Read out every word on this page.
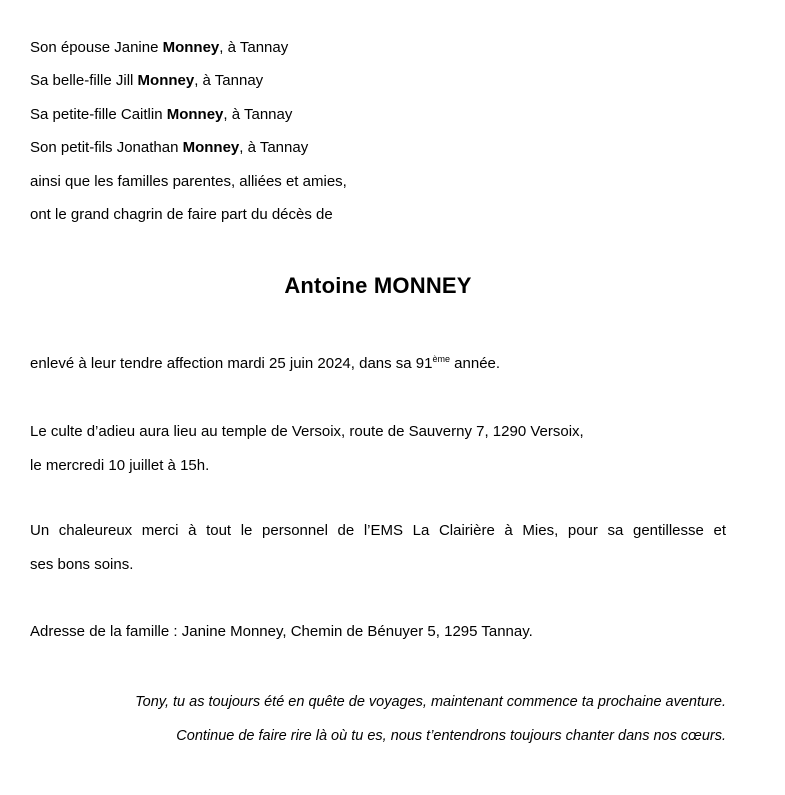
Son épouse Janine Monney, à Tannay

Sa belle-fille Jill Monney, à Tannay

Sa petite-fille Caitlin Monney, à Tannay

Son petit-fils Jonathan Monney, à Tannay

ainsi que les familles parentes, alliées et amies,

ont le grand chagrin de faire part du décès de

Antoine MONNEY

enlevé à leur tendre affection mardi 25 juin 2024, dans sa 91ème année.

Le culte d’adieu aura lieu au temple de Versoix, route de Sauverny 7, 1290 Versoix,

le mercredi 10 juillet à 15h.

Un chaleureux merci à tout le personnel de l’EMS La Clairière à Mies, pour sa gentillesse et

ses bons soins.

Adresse de la famille : Janine Monney, Chemin de Bénuyer 5, 1295 Tannay.

Tony, tu as toujours été en quête de voyages, maintenant commence ta prochaine aventure.

Continue de faire rire là où tu es, nous t’entendrons toujours chanter dans nos cœurs.
